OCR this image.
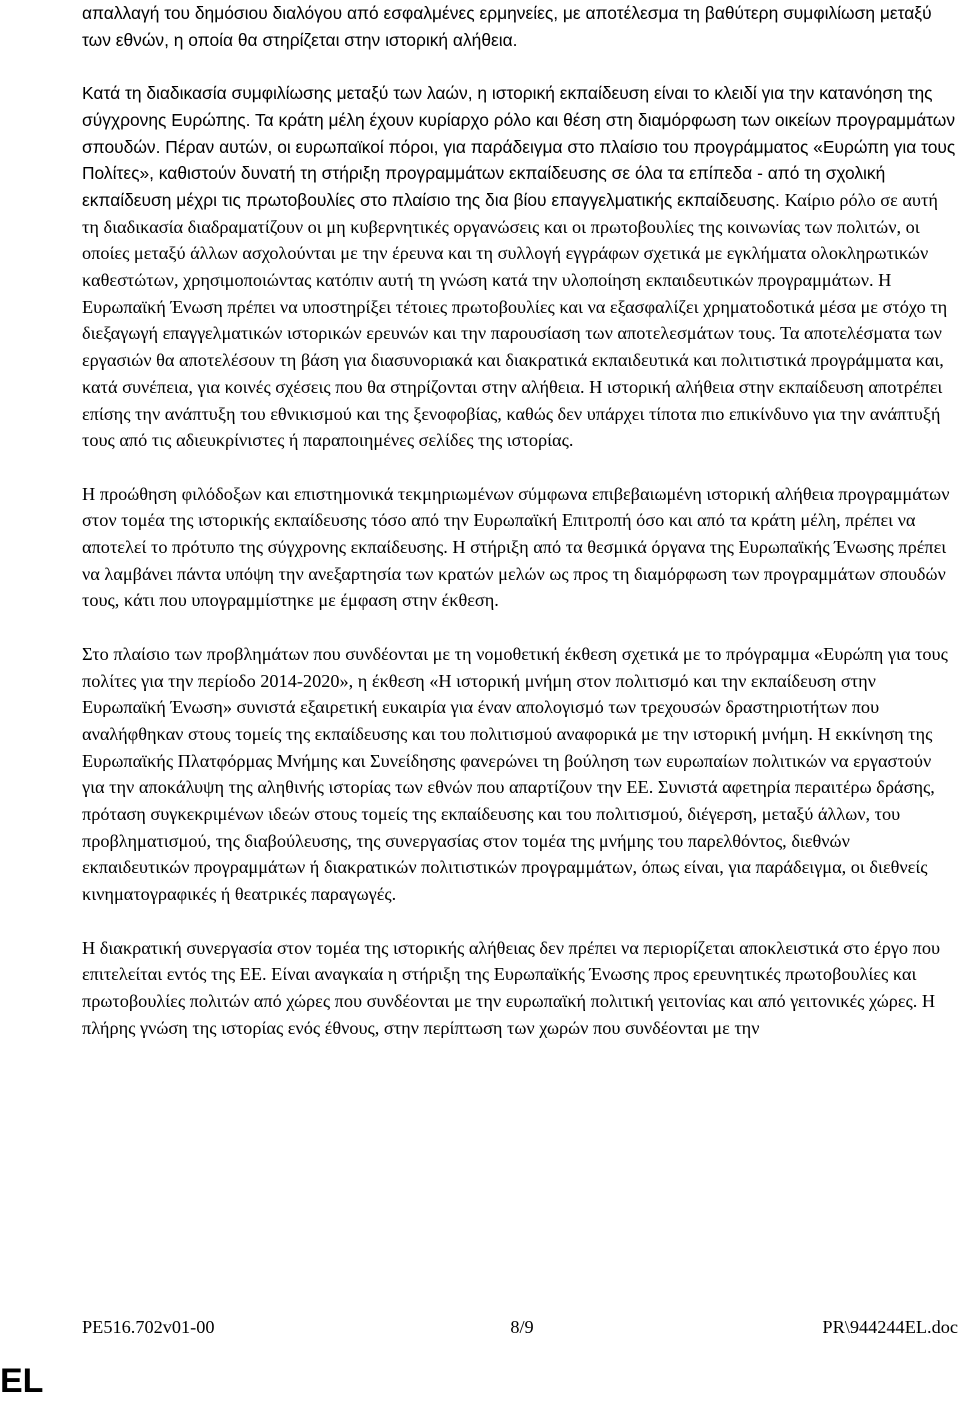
απαλλαγή του δημόσιου διαλόγου από εσφαλμένες ερμηνείες, με αποτέλεσμα τη βαθύτερη συμφιλίωση μεταξύ των εθνών, η οποία θα στηρίζεται στην ιστορική αλήθεια.

Κατά τη διαδικασία συμφιλίωσης μεταξύ των λαών, η ιστορική εκπαίδευση είναι το κλειδί για την κατανόηση της σύγχρονης Ευρώπης. Τα κράτη μέλη έχουν κυρίαρχο ρόλο και θέση στη διαμόρφωση των οικείων προγραμμάτων σπουδών. Πέραν αυτών, οι ευρωπαϊκοί πόροι, για παράδειγμα στο πλαίσιο του προγράμματος «Ευρώπη για τους Πολίτες», καθιστούν δυνατή τη στήριξη προγραμμάτων εκπαίδευσης σε όλα τα επίπεδα - από τη σχολική εκπαίδευση μέχρι τις πρωτοβουλίες στο πλαίσιο της δια βίου επαγγελματικής εκπαίδευσης. Καίριο ρόλο σε αυτή τη διαδικασία διαδραματίζουν οι μη κυβερνητικές οργανώσεις και οι πρωτοβουλίες της κοινωνίας των πολιτών, οι οποίες μεταξύ άλλων ασχολούνται με την έρευνα και τη συλλογή εγγράφων σχετικά με εγκλήματα ολοκληρωτικών καθεστώτων, χρησιμοποιώντας κατόπιν αυτή τη γνώση κατά την υλοποίηση εκπαιδευτικών προγραμμάτων. Η Ευρωπαϊκή Ένωση πρέπει να υποστηρίξει τέτοιες πρωτοβουλίες και να εξασφαλίζει χρηματοδοτικά μέσα με στόχο τη διεξαγωγή επαγγελματικών ιστορικών ερευνών και την παρουσίαση των αποτελεσμάτων τους. Τα αποτελέσματα των εργασιών θα αποτελέσουν τη βάση για διασυνοριακά και διακρατικά εκπαιδευτικά και πολιτιστικά προγράμματα και, κατά συνέπεια, για κοινές σχέσεις που θα στηρίζονται στην αλήθεια. Η ιστορική αλήθεια στην εκπαίδευση αποτρέπει επίσης την ανάπτυξη του εθνικισμού και της ξενοφοβίας, καθώς δεν υπάρχει τίποτα πιο επικίνδυνο για την ανάπτυξή τους από τις αδιευκρίνιστες ή παραποιημένες σελίδες της ιστορίας.

Η προώθηση φιλόδοξων και επιστημονικά τεκμηριωμένων σύμφωνα επιβεβαιωμένη ιστορική αλήθεια προγραμμάτων στον τομέα της ιστορικής εκπαίδευσης τόσο από την Ευρωπαϊκή Επιτροπή όσο και από τα κράτη μέλη, πρέπει να αποτελεί το πρότυπο της σύγχρονης εκπαίδευσης. Η στήριξη από τα θεσμικά όργανα της Ευρωπαϊκής Ένωσης πρέπει να λαμβάνει πάντα υπόψη την ανεξαρτησία των κρατών μελών ως προς τη διαμόρφωση των προγραμμάτων σπουδών τους, κάτι που υπογραμμίστηκε με έμφαση στην έκθεση.

Στο πλαίσιο των προβλημάτων που συνδέονται με τη νομοθετική έκθεση σχετικά με το πρόγραμμα «Ευρώπη για τους πολίτες για την περίοδο 2014-2020», η έκθεση «Η ιστορική μνήμη στον πολιτισμό και την εκπαίδευση στην Ευρωπαϊκή Ένωση» συνιστά εξαιρετική ευκαιρία για έναν απολογισμό των τρεχουσών δραστηριοτήτων που αναλήφθηκαν στους τομείς της εκπαίδευσης και του πολιτισμού αναφορικά με την ιστορική μνήμη. Η εκκίνηση της Ευρωπαϊκής Πλατφόρμας Μνήμης και Συνείδησης φανερώνει τη βούληση των ευρωπαίων πολιτικών να εργαστούν για την αποκάλυψη της αληθινής ιστορίας των εθνών που απαρτίζουν την ΕΕ. Συνιστά αφετηρία περαιτέρω δράσης, πρόταση συγκεκριμένων ιδεών στους τομείς της εκπαίδευσης και του πολιτισμού, διέγερση, μεταξύ άλλων, του προβληματισμού, της διαβούλευσης, της συνεργασίας στον τομέα της μνήμης του παρελθόντος, διεθνών εκπαιδευτικών προγραμμάτων ή διακρατικών πολιτιστικών προγραμμάτων, όπως είναι, για παράδειγμα, οι διεθνείς κινηματογραφικές ή θεατρικές παραγωγές.

Η διακρατική συνεργασία στον τομέα της ιστορικής αλήθειας δεν πρέπει να περιορίζεται αποκλειστικά στο έργο που επιτελείται εντός της ΕΕ. Είναι αναγκαία η στήριξη της Ευρωπαϊκής Ένωσης προς ερευνητικές πρωτοβουλίες και πρωτοβουλίες πολιτών από χώρες που συνδέονται με την ευρωπαϊκή πολιτική γειτονίας και από γειτονικές χώρες. Η πλήρης γνώση της ιστορίας ενός έθνους, στην περίπτωση των χωρών που συνδέονται με την

PE516.702v01-00	8/9	PR\944244EL.doc
EL
